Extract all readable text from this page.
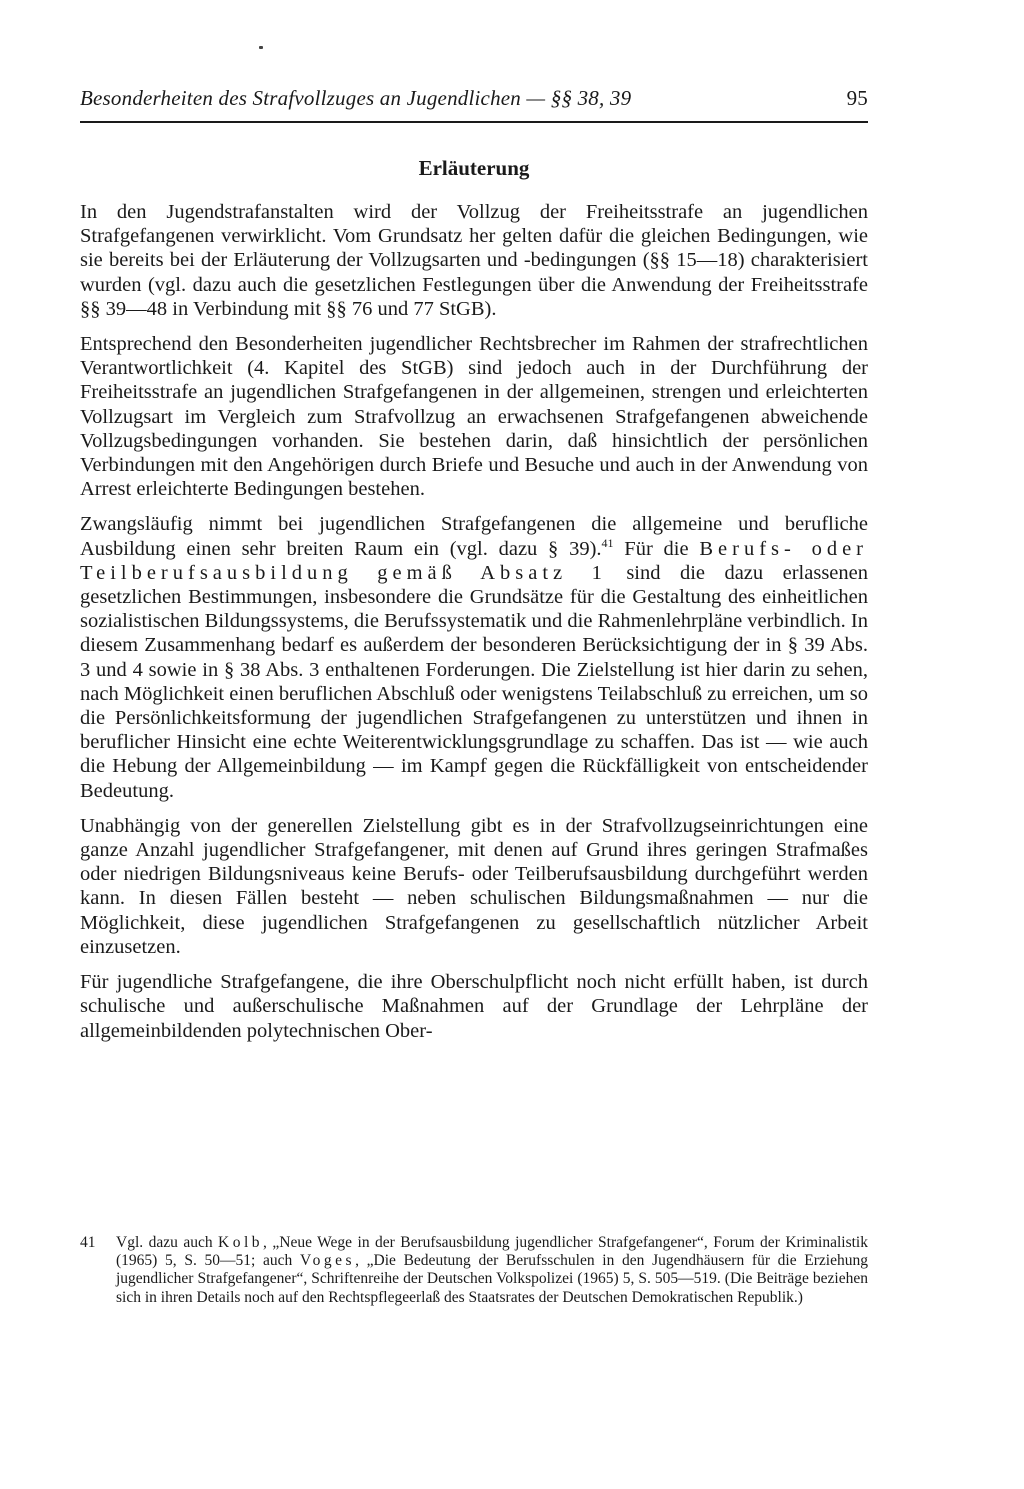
Besonderheiten des Strafvollzuges an Jugendlichen — §§ 38, 39	95
Erläuterung

In den Jugendstrafanstalten wird der Vollzug der Freiheitsstrafe an jugendlichen Strafgefangenen verwirklicht. Vom Grundsatz her gelten dafür die gleichen Bedingungen, wie sie bereits bei der Erläuterung der Vollzugsarten und -bedingungen (§§ 15—18) charakterisiert wurden (vgl. dazu auch die gesetzlichen Festlegungen über die Anwendung der Freiheitsstrafe §§ 39—48 in Verbindung mit §§ 76 und 77 StGB).

Entsprechend den Besonderheiten jugendlicher Rechtsbrecher im Rahmen der strafrechtlichen Verantwortlichkeit (4. Kapitel des StGB) sind jedoch auch in der Durchführung der Freiheitsstrafe an jugendlichen Strafgefangenen in der allgemeinen, strengen und erleichterten Vollzugsart im Vergleich zum Strafvollzug an erwachsenen Strafgefangenen abweichende Vollzugsbedingungen vorhanden. Sie bestehen darin, daß hinsichtlich der persönlichen Verbindungen mit den Angehörigen durch Briefe und Besuche und auch in der Anwendung von Arrest erleichterte Bedingungen bestehen.

Zwangsläufig nimmt bei jugendlichen Strafgefangenen die allgemeine und berufliche Ausbildung einen sehr breiten Raum ein (vgl. dazu § 39).$^{41}$ Für die Berufs- oder Teilberufsausbildung gemäß Absatz 1 sind die dazu erlassenen gesetzlichen Bestimmungen, insbesondere die Grundsätze für die Gestaltung des einheitlichen sozialistischen Bildungssystems, die Berufssystematik und die Rahmenlehrpläne verbindlich. In diesem Zusammenhang bedarf es außerdem der besonderen Berücksichtigung der in § 39 Abs. 3 und 4 sowie in § 38 Abs. 3 enthaltenen Forderungen. Die Zielstellung ist hier darin zu sehen, nach Möglichkeit einen beruflichen Abschluß oder wenigstens Teilabschluß zu erreichen, um so die Persönlichkeitsformung der jugendlichen Strafgefangenen zu unterstützen und ihnen in beruflicher Hinsicht eine echte Weiterentwicklungsgrundlage zu schaffen. Das ist — wie auch die Hebung der Allgemeinbildung — im Kampf gegen die Rückfälligkeit von entscheidender Bedeutung.

Unabhängig von der generellen Zielstellung gibt es in der Strafvollzugseinrichtungen eine ganze Anzahl jugendlicher Strafgefangener, mit denen auf Grund ihres geringen Strafmaßes oder niedrigen Bildungsniveaus keine Berufs- oder Teilberufsausbildung durchgeführt werden kann. In diesen Fällen besteht — neben schulischen Bildungsmaßnahmen — nur die Möglichkeit, diese jugendlichen Strafgefangenen zu gesellschaftlich nützlicher Arbeit einzusetzen.

Für jugendliche Strafgefangene, die ihre Oberschulpflicht noch nicht erfüllt haben, ist durch schulische und außerschulische Maßnahmen auf der Grundlage der Lehrpläne der allgemeinbildenden polytechnischen Ober-

41	Vgl. dazu auch Kolb, „Neue Wege in der Berufsausbildung jugendlicher Strafgefangener“, Forum der Kriminalistik (1965) 5, S. 50—51; auch Voges, „Die Bedeutung der Berufsschulen in den Jugendhäusern für die Erziehung jugendlicher Strafgefangener“, Schriftenreihe der Deutschen Volkspolizei (1965) 5, S. 505—519. (Die Beiträge beziehen sich in ihren Details noch auf den Rechtspflegeerlaß des Staatsrates der Deutschen Demokratischen Republik.)
